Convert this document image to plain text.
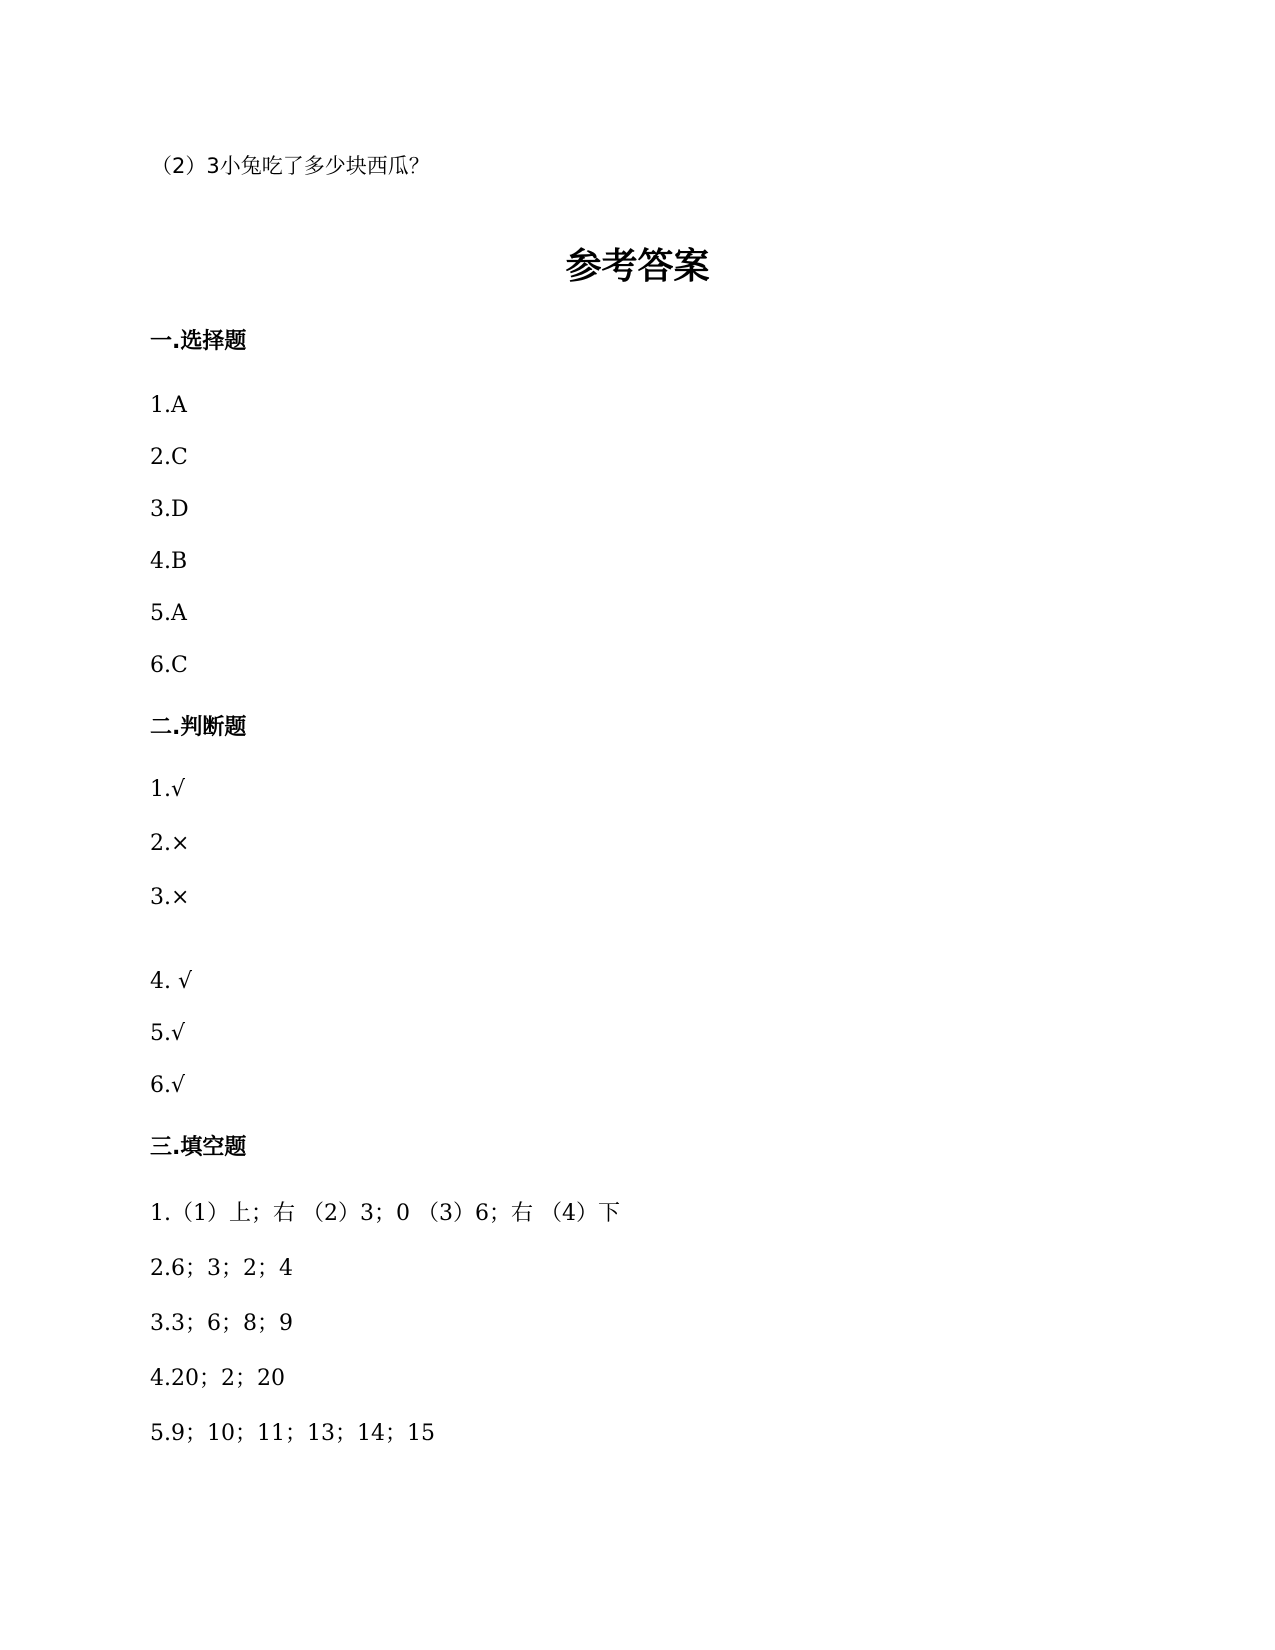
（2）3小兔吃了多少块西瓜？
参考答案
一.选择题
1.A
2.C
3.D
4.B
5.A
6.C
二.判断题
1.√
2.×
3.×
4. √
5.√
6.√
三.填空题
1.（1）上；右 （2）3；0 （3）6；右 （4）下
2.6；3；2；4
3.3；6；8；9
4.20；2；20
5.9；10；11；13；14；15
